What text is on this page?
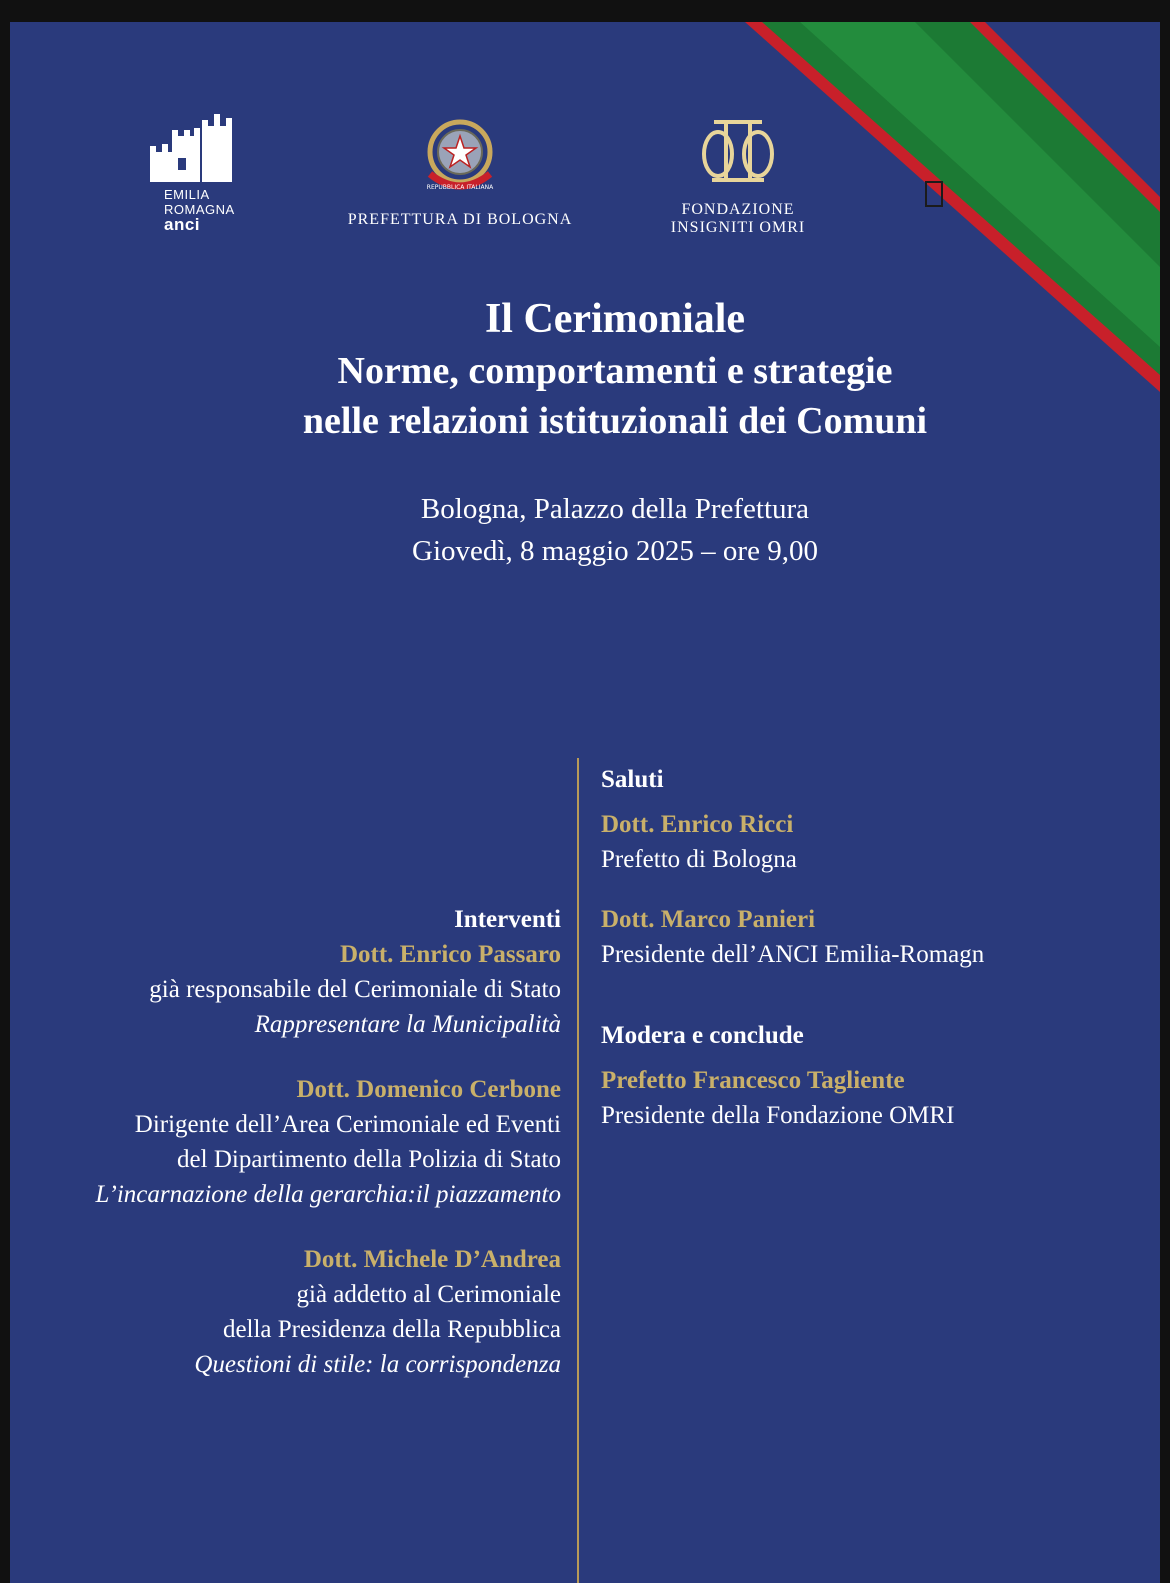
EMILIA
ROMAGNA
anci
REPUBBLICA ITALIANA
PREFETTURA DI BOLOGNA
FONDAZIONE
INSIGNITI OMRI
Il Cerimoniale
Norme, comportamenti e strategie
nelle relazioni istituzionali dei Comuni
Bologna, Palazzo della Prefettura
Giovedì, 8 maggio 2025 – ore 9,00
Interventi
Dott. Enrico Passaro
già responsabile del Cerimoniale di Stato
Rappresentare la Municipalità
Dott. Domenico Cerbone
Dirigente dell’Area Cerimoniale ed Eventi
del Dipartimento della Polizia di Stato
L’incarnazione della gerarchia:il piazzamento
Dott. Michele D’Andrea
già addetto al Cerimoniale
della Presidenza della Repubblica
Questioni di stile: la corrispondenza
Saluti
Dott. Enrico Ricci
Prefetto di Bologna
Dott. Marco Panieri
Presidente dell’ANCI Emilia-Romagn
Modera e conclude
Prefetto Francesco Tagliente
Presidente della Fondazione OMRI
